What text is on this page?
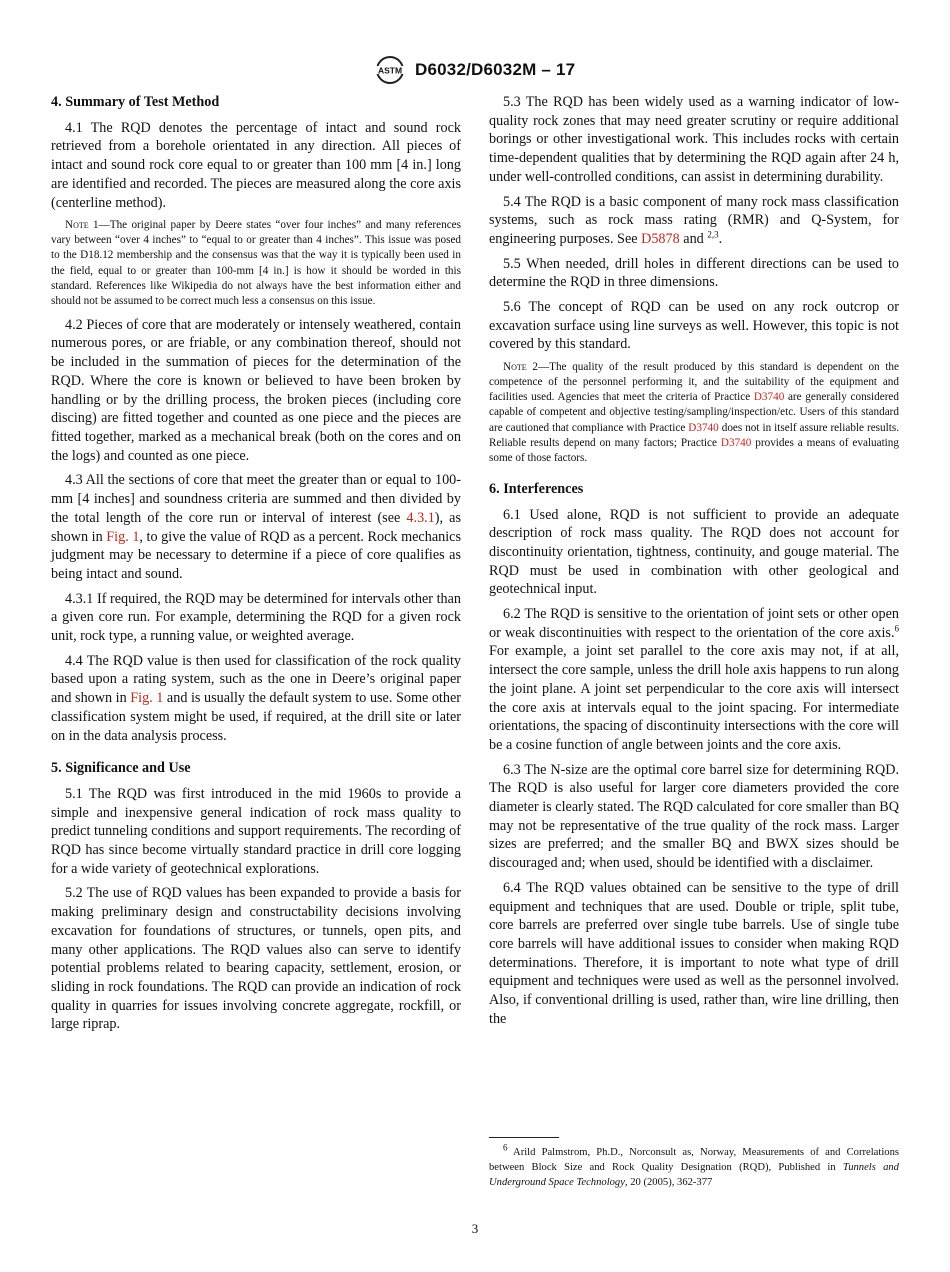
ASTM D6032/D6032M – 17
4. Summary of Test Method

4.1 The RQD denotes the percentage of intact and sound rock retrieved from a borehole orientated in any direction. All pieces of intact and sound rock core equal to or greater than 100 mm [4 in.] long are identified and recorded. The pieces are measured along the core axis (centerline method).

Note 1—The original paper by Deere states “over four inches” and many references vary between “over 4 inches” to “equal to or greater than 4 inches”. This issue was posed to the D18.12 membership and the consensus was that the way it is typically been used in the field, equal to or greater than 100-mm [4 in.] is how it should be worded in this standard. References like Wikipedia do not always have the best information either and should not be assumed to be correct much less a consensus on this issue.

4.2 Pieces of core that are moderately or intensely weathered, contain numerous pores, or are friable, or any combination thereof, should not be included in the summation of pieces for the determination of the RQD. Where the core is known or believed to have been broken by handling or by the drilling process, the broken pieces (including core discing) are fitted together and counted as one piece and the pieces are fitted together, marked as a mechanical break (both on the cores and on the logs) and counted as one piece.

4.3 All the sections of core that meet the greater than or equal to 100-mm [4 inches] and soundness criteria are summed and then divided by the total length of the core run or interval of interest (see 4.3.1), as shown in Fig. 1, to give the value of RQD as a percent. Rock mechanics judgment may be necessary to determine if a piece of core qualifies as being intact and sound.

4.3.1 If required, the RQD may be determined for intervals other than a given core run. For example, determining the RQD for a given rock unit, rock type, a running value, or weighted average.

4.4 The RQD value is then used for classification of the rock quality based upon a rating system, such as the one in Deere’s original paper and shown in Fig. 1 and is usually the default system to use. Some other classification system might be used, if required, at the drill site or later on in the data analysis process.

5. Significance and Use

5.1 The RQD was first introduced in the mid 1960s to provide a simple and inexpensive general indication of rock mass quality to predict tunneling conditions and support requirements. The recording of RQD has since become virtually standard practice in drill core logging for a wide variety of geotechnical explorations.

5.2 The use of RQD values has been expanded to provide a basis for making preliminary design and constructability decisions involving excavation for foundations of structures, or tunnels, open pits, and many other applications. The RQD values also can serve to identify potential problems related to bearing capacity, settlement, erosion, or sliding in rock foundations. The RQD can provide an indication of rock quality in quarries for issues involving concrete aggregate, rockfill, or large riprap.

5.3 The RQD has been widely used as a warning indicator of low-quality rock zones that may need greater scrutiny or require additional borings or other investigational work. This includes rocks with certain time-dependent qualities that by determining the RQD again after 24 h, under well-controlled conditions, can assist in determining durability.

5.4 The RQD is a basic component of many rock mass classification systems, such as rock mass rating (RMR) and Q-System, for engineering purposes. See D5878 and $^{2,3}$.

5.5 When needed, drill holes in different directions can be used to determine the RQD in three dimensions.

5.6 The concept of RQD can be used on any rock outcrop or excavation surface using line surveys as well. However, this topic is not covered by this standard.

Note 2—The quality of the result produced by this standard is dependent on the competence of the personnel performing it, and the suitability of the equipment and facilities used. Agencies that meet the criteria of Practice D3740 are generally considered capable of competent and objective testing/sampling/inspection/etc. Users of this standard are cautioned that compliance with Practice D3740 does not in itself assure reliable results. Reliable results depend on many factors; Practice D3740 provides a means of evaluating some of those factors.

6. Interferences

6.1 Used alone, RQD is not sufficient to provide an adequate description of rock mass quality. The RQD does not account for discontinuity orientation, tightness, continuity, and gouge material. The RQD must be used in combination with other geological and geotechnical input.

6.2 The RQD is sensitive to the orientation of joint sets or other open or weak discontinuities with respect to the orientation of the core axis.$^6$ For example, a joint set parallel to the core axis may not, if at all, intersect the core sample, unless the drill hole axis happens to run along the joint plane. A joint set perpendicular to the core axis will intersect the core axis at intervals equal to the joint spacing. For intermediate orientations, the spacing of discontinuity intersections with the core will be a cosine function of angle between joints and the core axis.

6.3 The N-size are the optimal core barrel size for determining RQD. The RQD is also useful for larger core diameters provided the core diameter is clearly stated. The RQD calculated for core smaller than BQ may not be representative of the true quality of the rock mass. Larger sizes are preferred; and the smaller BQ and BWX sizes should be discouraged and; when used, should be identified with a disclaimer.

6.4 The RQD values obtained can be sensitive to the type of drill equipment and techniques that are used. Double or triple, split tube, core barrels are preferred over single tube barrels. Use of single tube core barrels will have additional issues to consider when making RQD determinations. Therefore, it is important to note what type of drill equipment and techniques were used as well as the personnel involved. Also, if conventional drilling is used, rather than, wire line drilling, then the

$^6$ Arild Palmstrom, Ph.D., Norconsult as, Norway, Measurements of and Correlations between Block Size and Rock Quality Designation (RQD), Published in Tunnels and Underground Space Technology, 20 (2005), 362-377

3
